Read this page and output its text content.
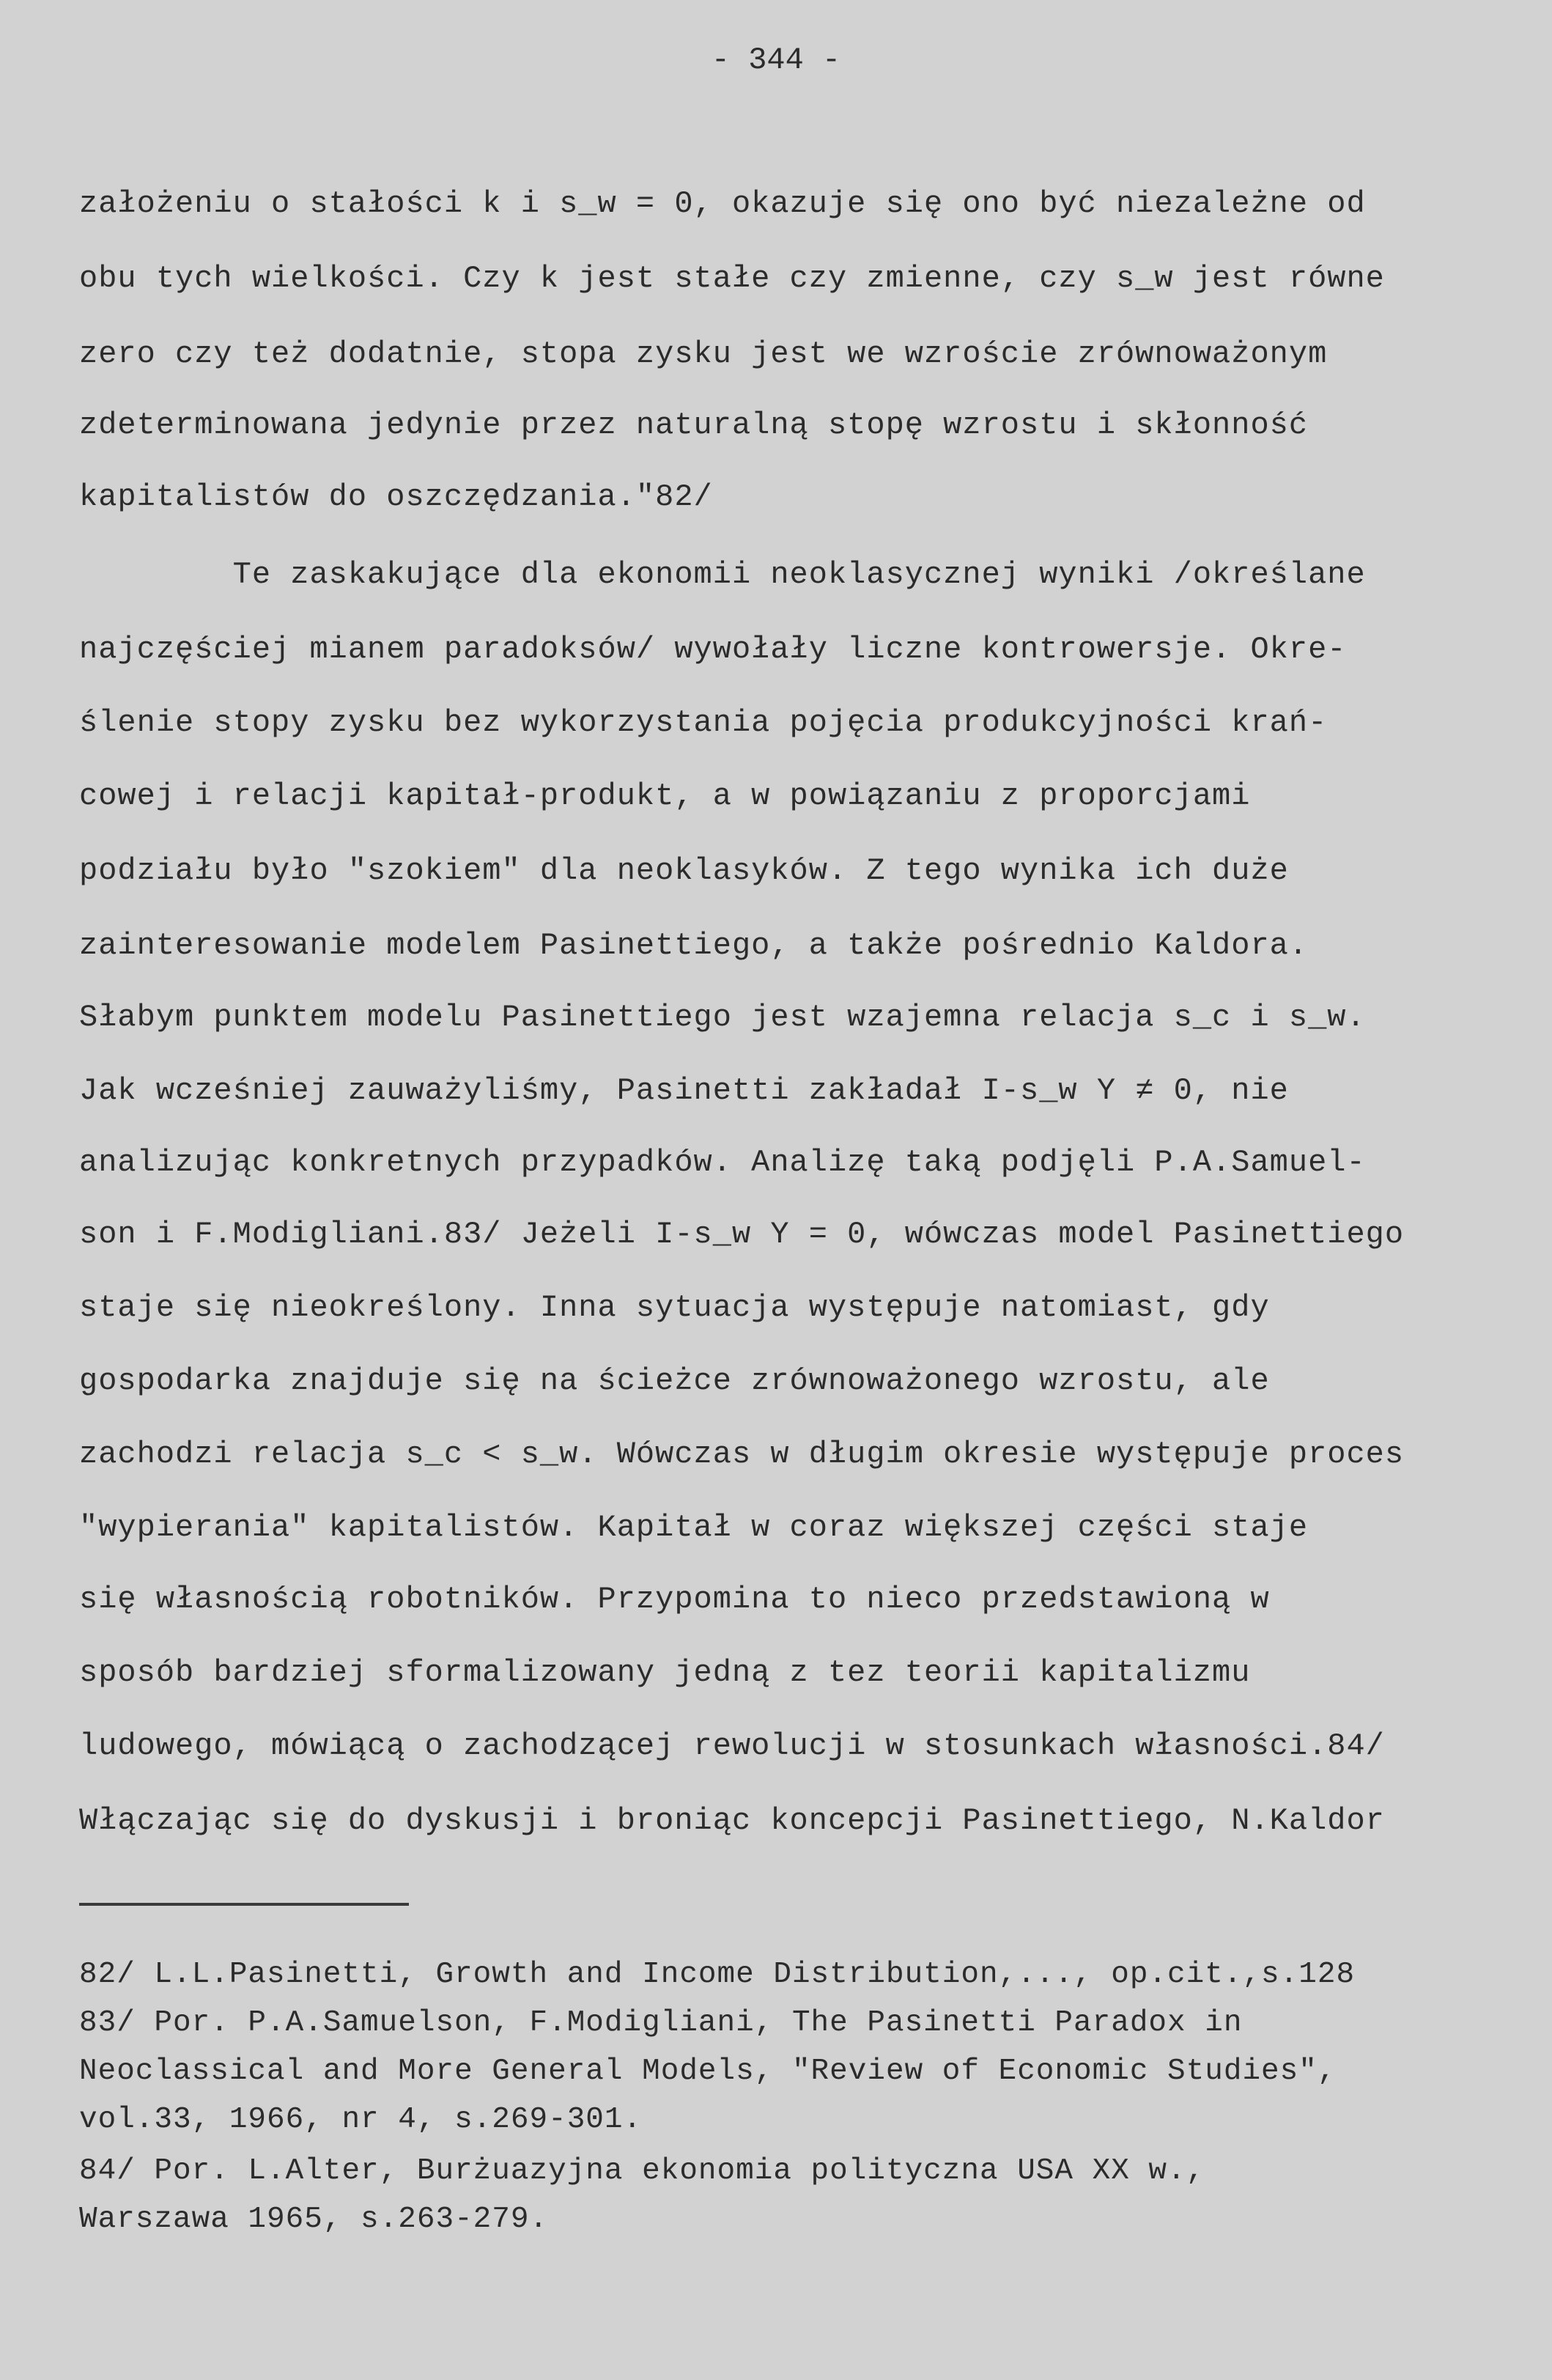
- 344 -
założeniu o stałości k i s_w = 0, okazuje się ono być niezależne od
obu tych wielkości. Czy k jest stałe czy zmienne, czy s_w jest równe
zero czy też dodatnie, stopa zysku jest we wzroście zrównoważonym
zdeterminowana jedynie przez naturalną stopę wzrostu i skłonność
kapitalistów do oszczędzania."82/
Te zaskakujące dla ekonomii neoklasycznej wyniki /określane
najczęściej mianem paradoksów/ wywołały liczne kontrowersje. Okre-
ślenie stopy zysku bez wykorzystania pojęcia produkcyjności krań-
cowej i relacji kapitał-produkt, a w powiązaniu z proporcjami
podziału było "szokiem" dla neoklasyków. Z tego wynika ich duże
zainteresowanie modelem Pasinettiego, a także pośrednio Kaldora.
Słabym punktem modelu Pasinettiego jest wzajemna relacja s_c i s_w.
Jak wcześniej zauważyliśmy, Pasinetti zakładał I-s_w Y ≠ 0, nie
analizując konkretnych przypadków. Analizę taką podjęli P.A.Samuel-
son i F.Modigliani.83/ Jeżeli I-s_w Y = 0, wówczas model Pasinettiego
staje się nieokreślony. Inna sytuacja występuje natomiast, gdy
gospodarka znajduje się na ścieżce zrównoważonego wzrostu, ale
zachodzi relacja s_c < s_w. Wówczas w długim okresie występuje proces
"wypierania" kapitalistów. Kapitał w coraz większej części staje
się własnością robotników. Przypomina to nieco przedstawioną w
sposób bardziej sformalizowany jedną z tez teorii kapitalizmu
ludowego, mówiącą o zachodzącej rewolucji w stosunkach własności.84/
Włączając się do dyskusji i broniąc koncepcji Pasinettiego, N.Kaldor
82/ L.L.Pasinetti, Growth and Income Distribution,..., op.cit.,s.128
83/ Por. P.A.Samuelson, F.Modigliani, The Pasinetti Paradox in
Neoclassical and More General Models, "Review of Economic Studies",
vol.33, 1966, nr 4, s.269-301.
84/ Por. L.Alter, Burżuazyjna ekonomia polityczna USA XX w.,
Warszawa 1965, s.263-279.
